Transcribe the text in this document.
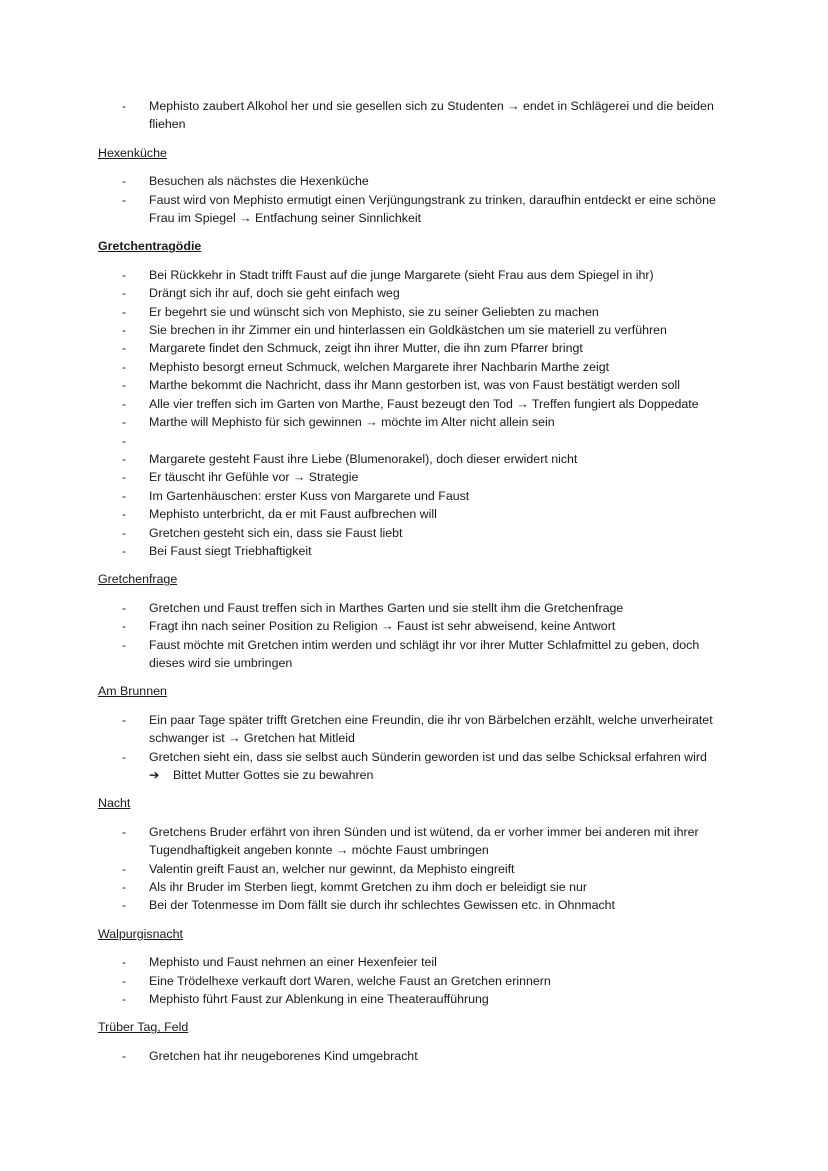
- Mephisto zaubert Alkohol her und sie gesellen sich zu Studenten → endet in Schlägerei und die beiden fliehen
Hexenküche
- Besuchen als nächstes die Hexenküche
- Faust wird von Mephisto ermutigt einen Verjüngungstrank zu trinken, daraufhin entdeckt er eine schöne Frau im Spiegel → Entfachung seiner Sinnlichkeit
Gretchentragödie
- Bei Rückkehr in Stadt trifft Faust auf die junge Margarete (sieht Frau aus dem Spiegel in ihr)
- Drängt sich ihr auf, doch sie geht einfach weg
- Er begehrt sie und wünscht sich von Mephisto, sie zu seiner Geliebten zu machen
- Sie brechen in ihr Zimmer ein und hinterlassen ein Goldkästchen um sie materiell zu verführen
- Margarete findet den Schmuck, zeigt ihn ihrer Mutter, die ihn zum Pfarrer bringt
- Mephisto besorgt erneut Schmuck, welchen Margarete ihrer Nachbarin Marthe zeigt
- Marthe bekommt die Nachricht, dass ihr Mann gestorben ist, was von Faust bestätigt werden soll
- Alle vier treffen sich im Garten von Marthe, Faust bezeugt den Tod → Treffen fungiert als Doppedate
- Marthe will Mephisto für sich gewinnen → möchte im Alter nicht allein sein
-
- Margarete gesteht Faust ihre Liebe (Blumenorakel), doch dieser erwidert nicht
- Er täuscht ihr Gefühle vor → Strategie
- Im Gartenhäuschen: erster Kuss von Margarete und Faust
- Mephisto unterbricht, da er mit Faust aufbrechen will
- Gretchen gesteht sich ein, dass sie Faust liebt
- Bei Faust siegt Triebhaftigkeit
Gretchenfrage
- Gretchen und Faust treffen sich in Marthes Garten und sie stellt ihm die Gretchenfrage
- Fragt ihn nach seiner Position zu Religion → Faust ist sehr abweisend, keine Antwort
- Faust möchte mit Gretchen intim werden und schlägt ihr vor ihrer Mutter Schlafmittel zu geben, doch dieses wird sie umbringen
Am Brunnen
- Ein paar Tage später trifft Gretchen eine Freundin, die ihr von Bärbelchen erzählt, welche unverheiratet schwanger ist → Gretchen hat Mitleid
- Gretchen sieht ein, dass sie selbst auch Sünderin geworden ist und das selbe Schicksal erfahren wird
➔ Bittet Mutter Gottes sie zu bewahren
Nacht
- Gretchens Bruder erfährt von ihren Sünden und ist wütend, da er vorher immer bei anderen mit ihrer Tugendhaftigkeit angeben konnte → möchte Faust umbringen
- Valentin greift Faust an, welcher nur gewinnt, da Mephisto eingreift
- Als ihr Bruder im Sterben liegt, kommt Gretchen zu ihm doch er beleidigt sie nur
- Bei der Totenmesse im Dom fällt sie durch ihr schlechtes Gewissen etc. in Ohnmacht
Walpurgisnacht
- Mephisto und Faust nehmen an einer Hexenfeier teil
- Eine Trödelhexe verkauft dort Waren, welche Faust an Gretchen erinnern
- Mephisto führt Faust zur Ablenkung in eine Theateraufführung
Trüber Tag, Feld
- Gretchen hat ihr neugeborenes Kind umgebracht
